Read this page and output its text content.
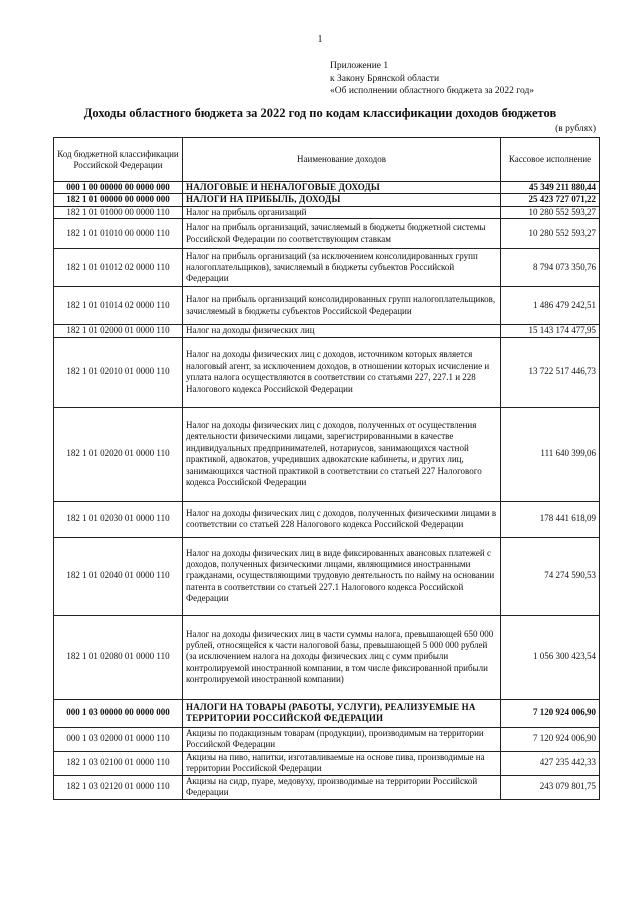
1
Приложение 1
к Закону Брянской области
«Об исполнении областного бюджета за 2022 год»
Доходы областного бюджета за 2022 год по кодам классификации доходов бюджетов
(в рублях)
Код бюджетной классификации Российской Федерации	Наименование доходов	Кассовое исполнение
000 1 00 00000 00 0000 000	НАЛОГОВЫЕ И НЕНАЛОГОВЫЕ ДОХОДЫ	45 349 211 880,44
182 1 01 00000 00 0000 000	НАЛОГИ НА ПРИБЫЛЬ, ДОХОДЫ	25 423 727 071,22
182 1 01 01000 00 0000 110	Налог на прибыль организаций	10 280 552 593,27
182 1 01 01010 00 0000 110	Налог на прибыль организаций, зачисляемый в бюджеты бюджетной системы Российской Федерации по соответствующим ставкам	10 280 552 593,27
182 1 01 01012 02 0000 110	Налог на прибыль организаций (за исключением консолидированных групп налогоплательщиков), зачисляемый в бюджеты субъектов Российской Федерации	8 794 073 350,76
182 1 01 01014 02 0000 110	Налог на прибыль организаций консолидированных групп налогоплательщиков, зачисляемый в бюджеты субъектов Российской Федерации	1 486 479 242,51
182 1 01 02000 01 0000 110	Налог на доходы физических лиц	15 143 174 477,95
182 1 01 02010 01 0000 110	Налог на доходы физических лиц с доходов, источником которых является налоговый агент, за исключением доходов, в отношении которых исчисление и уплата налога осуществляются в соответствии со статьями 227, 227.1 и 228 Налогового кодекса Российской Федерации	13 722 517 446,73
182 1 01 02020 01 0000 110	Налог на доходы физических лиц с доходов, полученных от осуществления деятельности физическими лицами, зарегистрированными в качестве индивидуальных предпринимателей, нотариусов, занимающихся частной практикой, адвокатов, учредивших адвокатские кабинеты, и других лиц, занимающихся частной практикой в соответствии со статьей 227 Налогового кодекса Российской Федерации	111 640 399,06
182 1 01 02030 01 0000 110	Налог на доходы физических лиц с доходов, полученных физическими лицами в соответствии со статьей 228 Налогового кодекса Российской Федерации	178 441 618,09
182 1 01 02040 01 0000 110	Налог на доходы физических лиц в виде фиксированных авансовых платежей с доходов, полученных физическими лицами, являющимися иностранными гражданами, осуществляющими трудовую деятельность по найму на основании патента в соответствии со статьей 227.1 Налогового кодекса Российской Федерации	74 274 590,53
182 1 01 02080 01 0000 110	Налог на доходы физических лиц в части суммы налога, превышающей 650 000 рублей, относящейся к части налоговой базы, превышающей 5 000 000 рублей (за исключением налога на доходы физических лиц с сумм прибыли контролируемой иностранной компании, в том числе фиксированной прибыли контролируемой иностранной компании)	1 056 300 423,54
000 1 03 00000 00 0000 000	НАЛОГИ НА ТОВАРЫ (РАБОТЫ, УСЛУГИ), РЕАЛИЗУЕМЫЕ НА ТЕРРИТОРИИ РОССИЙСКОЙ ФЕДЕРАЦИИ	7 120 924 006,90
000 1 03 02000 01 0000 110	Акцизы по подакцизным товарам (продукции), производимым на территории Российской Федерации	7 120 924 006,90
182 1 03 02100 01 0000 110	Акцизы на пиво, напитки, изготавливаемые на основе пива, производимые на территории Российской Федерации	427 235 442,33
182 1 03 02120 01 0000 110	Акцизы на сидр, пуаре, медовуху, производимые на территории Российской Федерации	243 079 801,75
